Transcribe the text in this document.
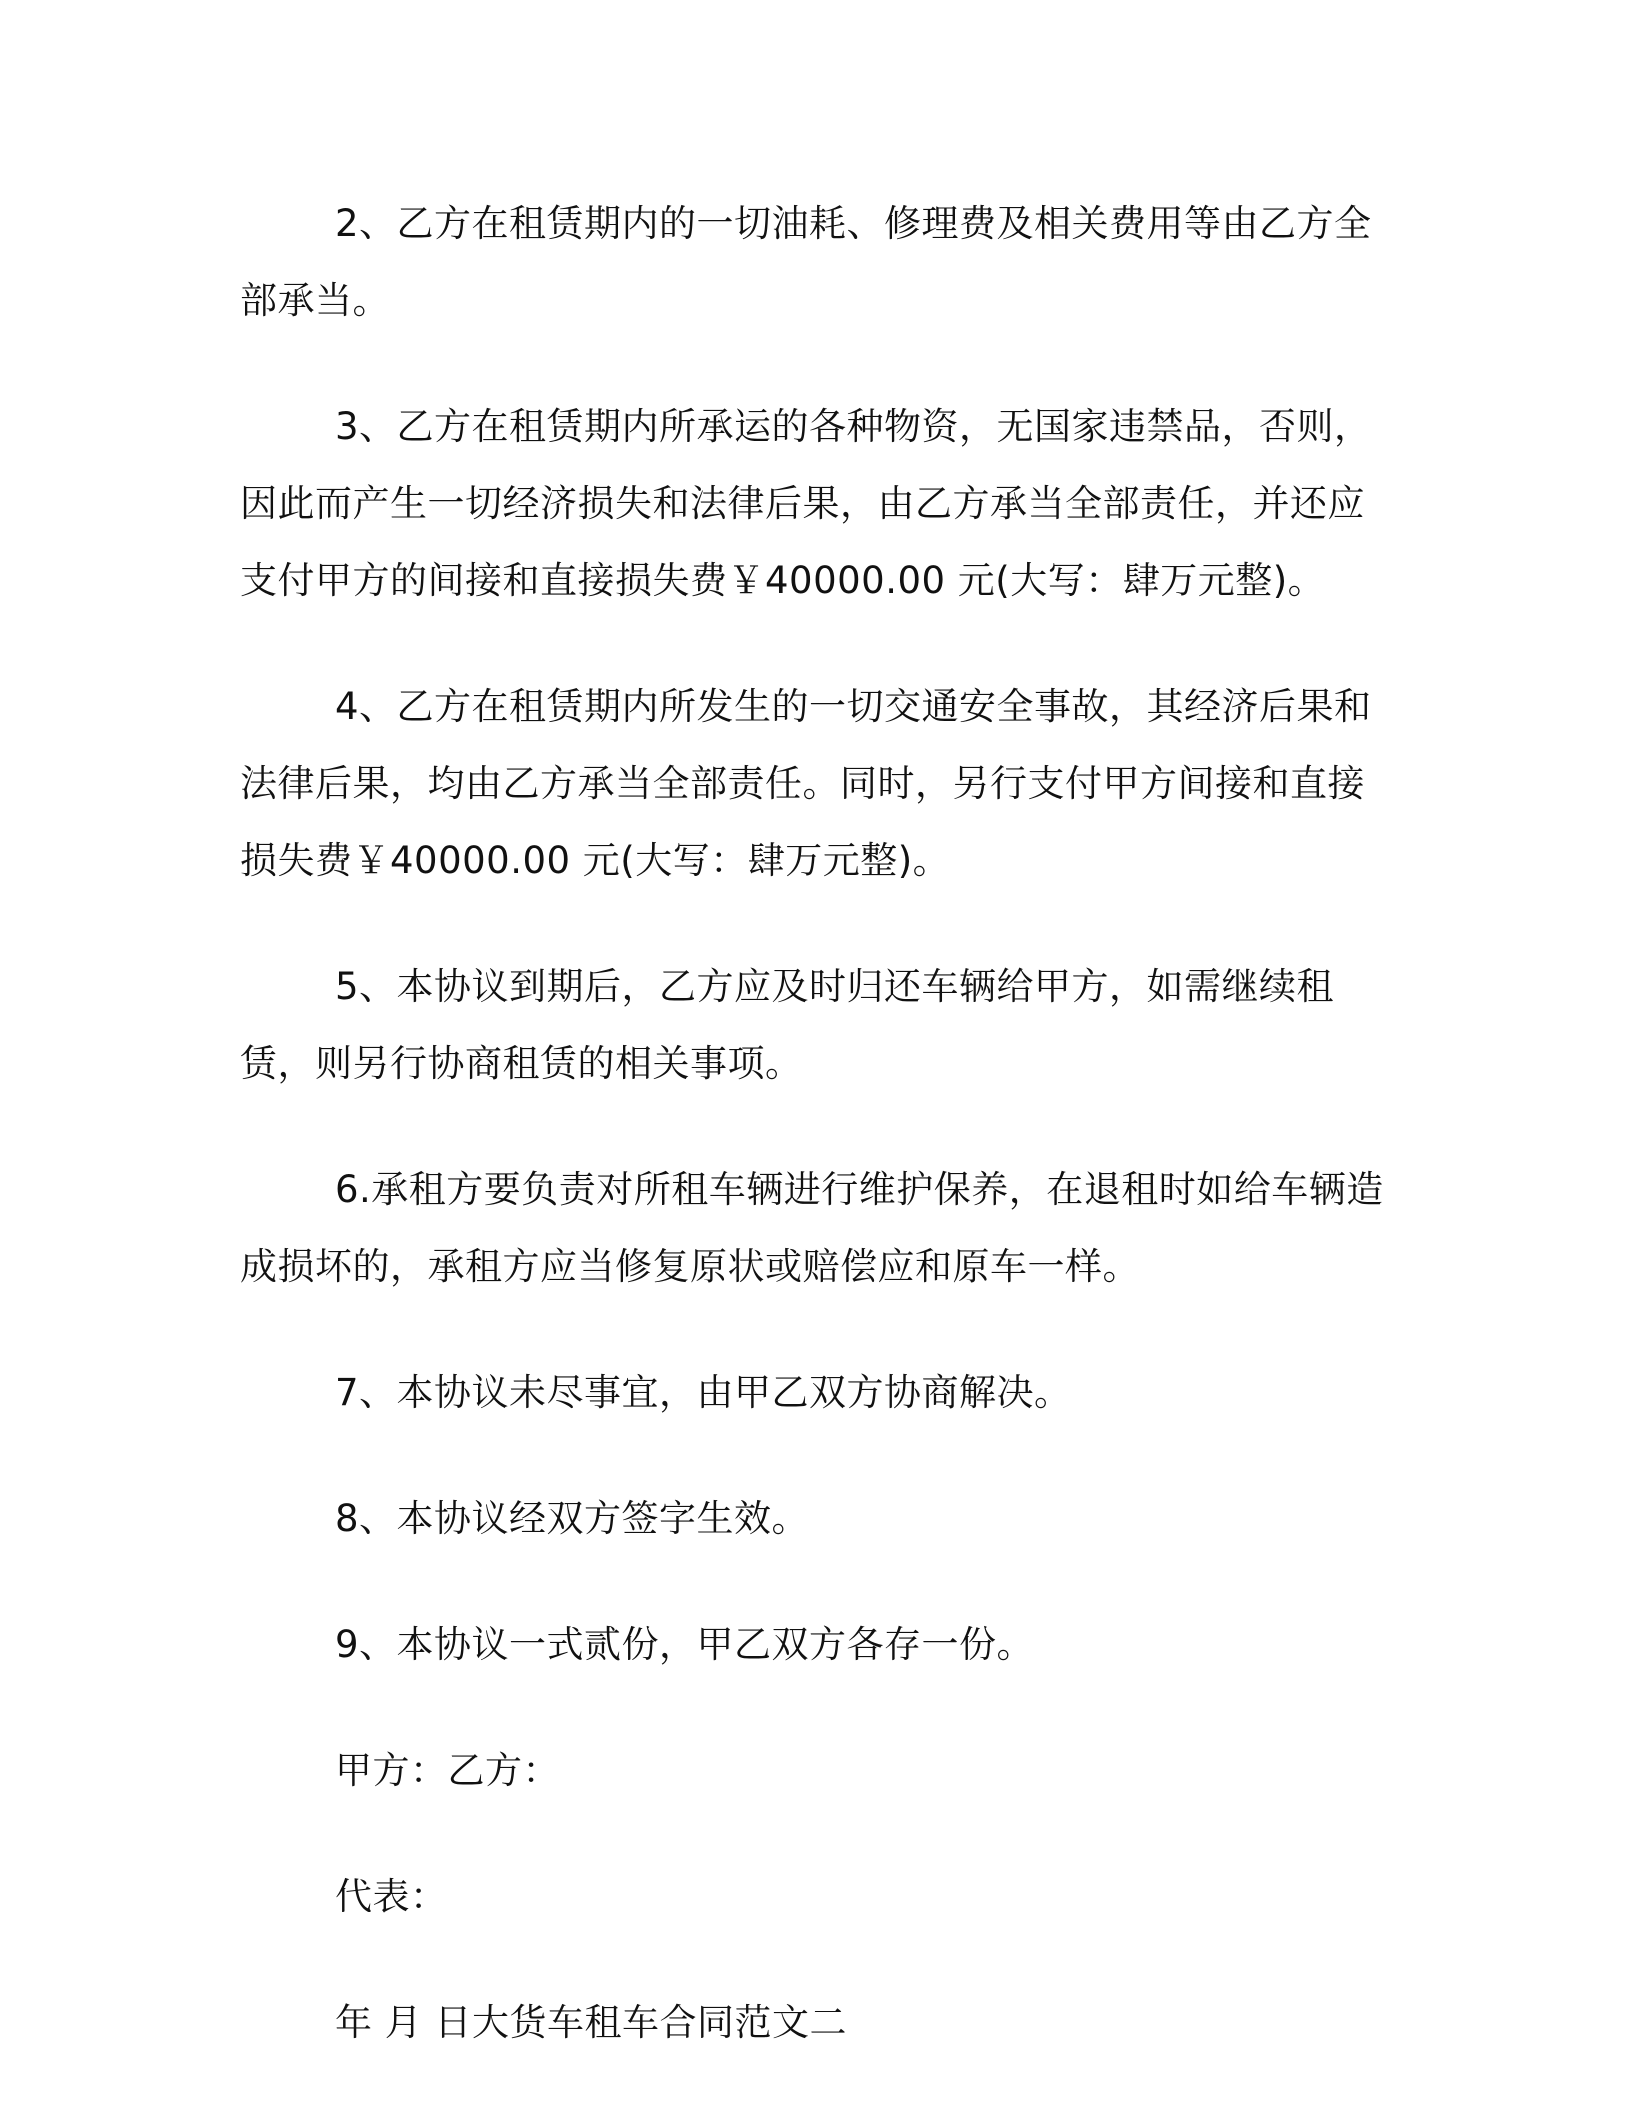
2、乙方在租赁期内的一切油耗、修理费及相关费用等由乙方全部承当。

3、乙方在租赁期内所承运的各种物资，无国家违禁品，否则，因此而产生一切经济损失和法律后果，由乙方承当全部责任，并还应支付甲方的间接和直接损失费￥40000.00 元(大写：肆万元整)。

4、乙方在租赁期内所发生的一切交通安全事故，其经济后果和法律后果，均由乙方承当全部责任。同时，另行支付甲方间接和直接损失费￥40000.00 元(大写：肆万元整)。

5、本协议到期后，乙方应及时归还车辆给甲方，如需继续租赁，则另行协商租赁的相关事项。

6.承租方要负责对所租车辆进行维护保养，在退租时如给车辆造成损坏的，承租方应当修复原状或赔偿应和原车一样。

7、本协议未尽事宜，由甲乙双方协商解决。

8、本协议经双方签字生效。

9、本协议一式贰份，甲乙双方各存一份。

甲方：乙方：

代表：

年 月 日大货车租车合同范文二
